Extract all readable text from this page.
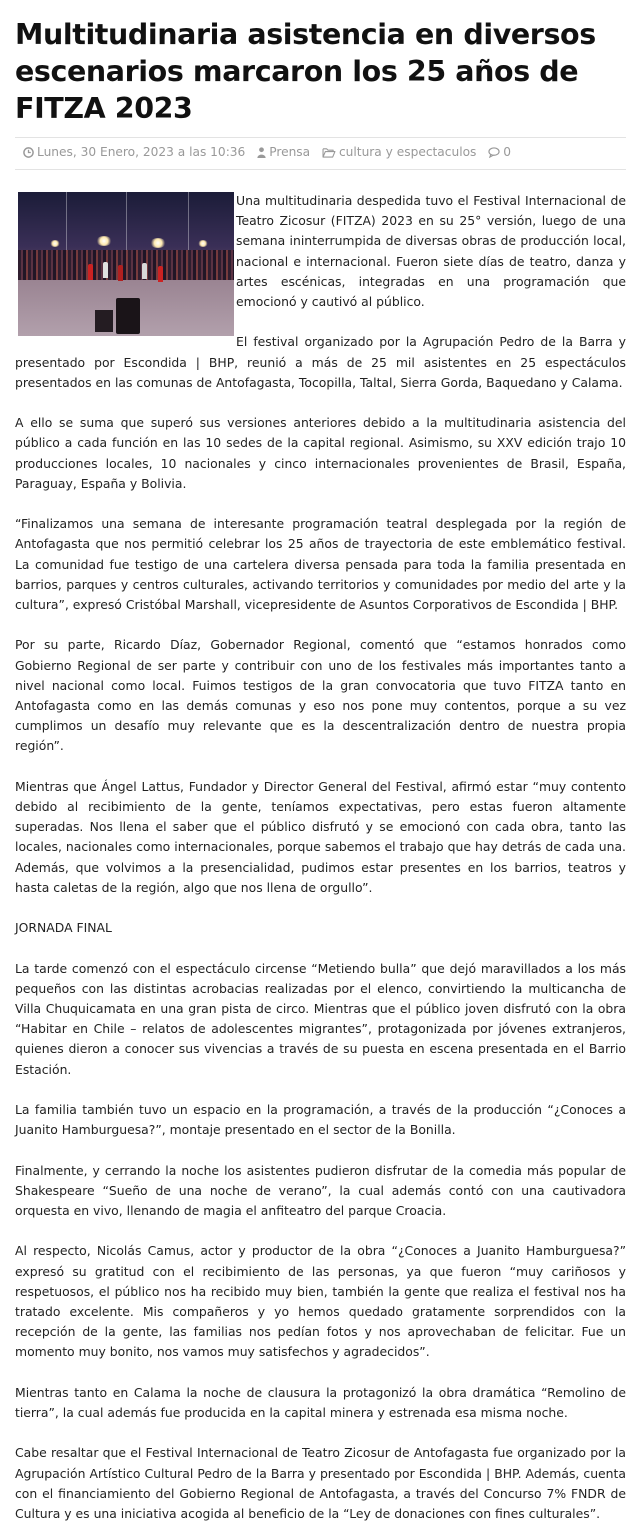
Multitudinaria asistencia en diversos escenarios marcaron los 25 años de FITZA 2023
Lunes, 30 Enero, 2023 a las 10:36 Prensa cultura y espectaculos 0

Una multitudinaria despedida tuvo el Festival Internacional de Teatro Zicosur (FITZA) 2023 en su 25° versión, luego de una semana ininterrumpida de diversas obras de producción local, nacional e internacional. Fueron siete días de teatro, danza y artes escénicas, integradas en una programación que emocionó y cautivó al público.

El festival organizado por la Agrupación Pedro de la Barra y presentado por Escondida | BHP, reunió a más de 25 mil asistentes en 25 espectáculos presentados en las comunas de Antofagasta, Tocopilla, Taltal, Sierra Gorda, Baquedano y Calama.

A ello se suma que superó sus versiones anteriores debido a la multitudinaria asistencia del público a cada función en las 10 sedes de la capital regional. Asimismo, su XXV edición trajo 10 producciones locales, 10 nacionales y cinco internacionales provenientes de Brasil, España, Paraguay, España y Bolivia.

“Finalizamos una semana de interesante programación teatral desplegada por la región de Antofagasta que nos permitió celebrar los 25 años de trayectoria de este emblemático festival. La comunidad fue testigo de una cartelera diversa pensada para toda la familia presentada en barrios, parques y centros culturales, activando territorios y comunidades por medio del arte y la cultura”, expresó Cristóbal Marshall, vicepresidente de Asuntos Corporativos de Escondida | BHP.

Por su parte, Ricardo Díaz, Gobernador Regional, comentó que “estamos honrados como Gobierno Regional de ser parte y contribuir con uno de los festivales más importantes tanto a nivel nacional como local. Fuimos testigos de la gran convocatoria que tuvo FITZA tanto en Antofagasta como en las demás comunas y eso nos pone muy contentos, porque a su vez cumplimos un desafío muy relevante que es la descentralización dentro de nuestra propia región”.

Mientras que Ángel Lattus, Fundador y Director General del Festival, afirmó estar “muy contento debido al recibimiento de la gente, teníamos expectativas, pero estas fueron altamente superadas. Nos llena el saber que el público disfrutó y se emocionó con cada obra, tanto las locales, nacionales como internacionales, porque sabemos el trabajo que hay detrás de cada una. Además, que volvimos a la presencialidad, pudimos estar presentes en los barrios, teatros y hasta caletas de la región, algo que nos llena de orgullo”.

JORNADA FINAL

La tarde comenzó con el espectáculo circense “Metiendo bulla” que dejó maravillados a los más pequeños con las distintas acrobacias realizadas por el elenco, convirtiendo la multicancha de Villa Chuquicamata en una gran pista de circo. Mientras que el público joven disfrutó con la obra “Habitar en Chile – relatos de adolescentes migrantes”, protagonizada por jóvenes extranjeros, quienes dieron a conocer sus vivencias a través de su puesta en escena presentada en el Barrio Estación.

La familia también tuvo un espacio en la programación, a través de la producción “¿Conoces a Juanito Hamburguesa?”, montaje presentado en el sector de la Bonilla.

Finalmente, y cerrando la noche los asistentes pudieron disfrutar de la comedia más popular de Shakespeare “Sueño de una noche de verano”, la cual además contó con una cautivadora orquesta en vivo, llenando de magia el anfiteatro del parque Croacia.

Al respecto, Nicolás Camus, actor y productor de la obra “¿Conoces a Juanito Hamburguesa?” expresó su gratitud con el recibimiento de las personas, ya que fueron “muy cariñosos y respetuosos, el público nos ha recibido muy bien, también la gente que realiza el festival nos ha tratado excelente. Mis compañeros y yo hemos quedado gratamente sorprendidos con la recepción de la gente, las familias nos pedían fotos y nos aprovechaban de felicitar. Fue un momento muy bonito, nos vamos muy satisfechos y agradecidos”.

Mientras tanto en Calama la noche de clausura la protagonizó la obra dramática “Remolino de tierra”, la cual además fue producida en la capital minera y estrenada esa misma noche.

Cabe resaltar que el Festival Internacional de Teatro Zicosur de Antofagasta fue organizado por la Agrupación Artístico Cultural Pedro de la Barra y presentado por Escondida | BHP. Además, cuenta con el financiamiento del Gobierno Regional de Antofagasta, a través del Concurso 7% FNDR de Cultura y es una iniciativa acogida al beneficio de la “Ley de donaciones con fines culturales”.
